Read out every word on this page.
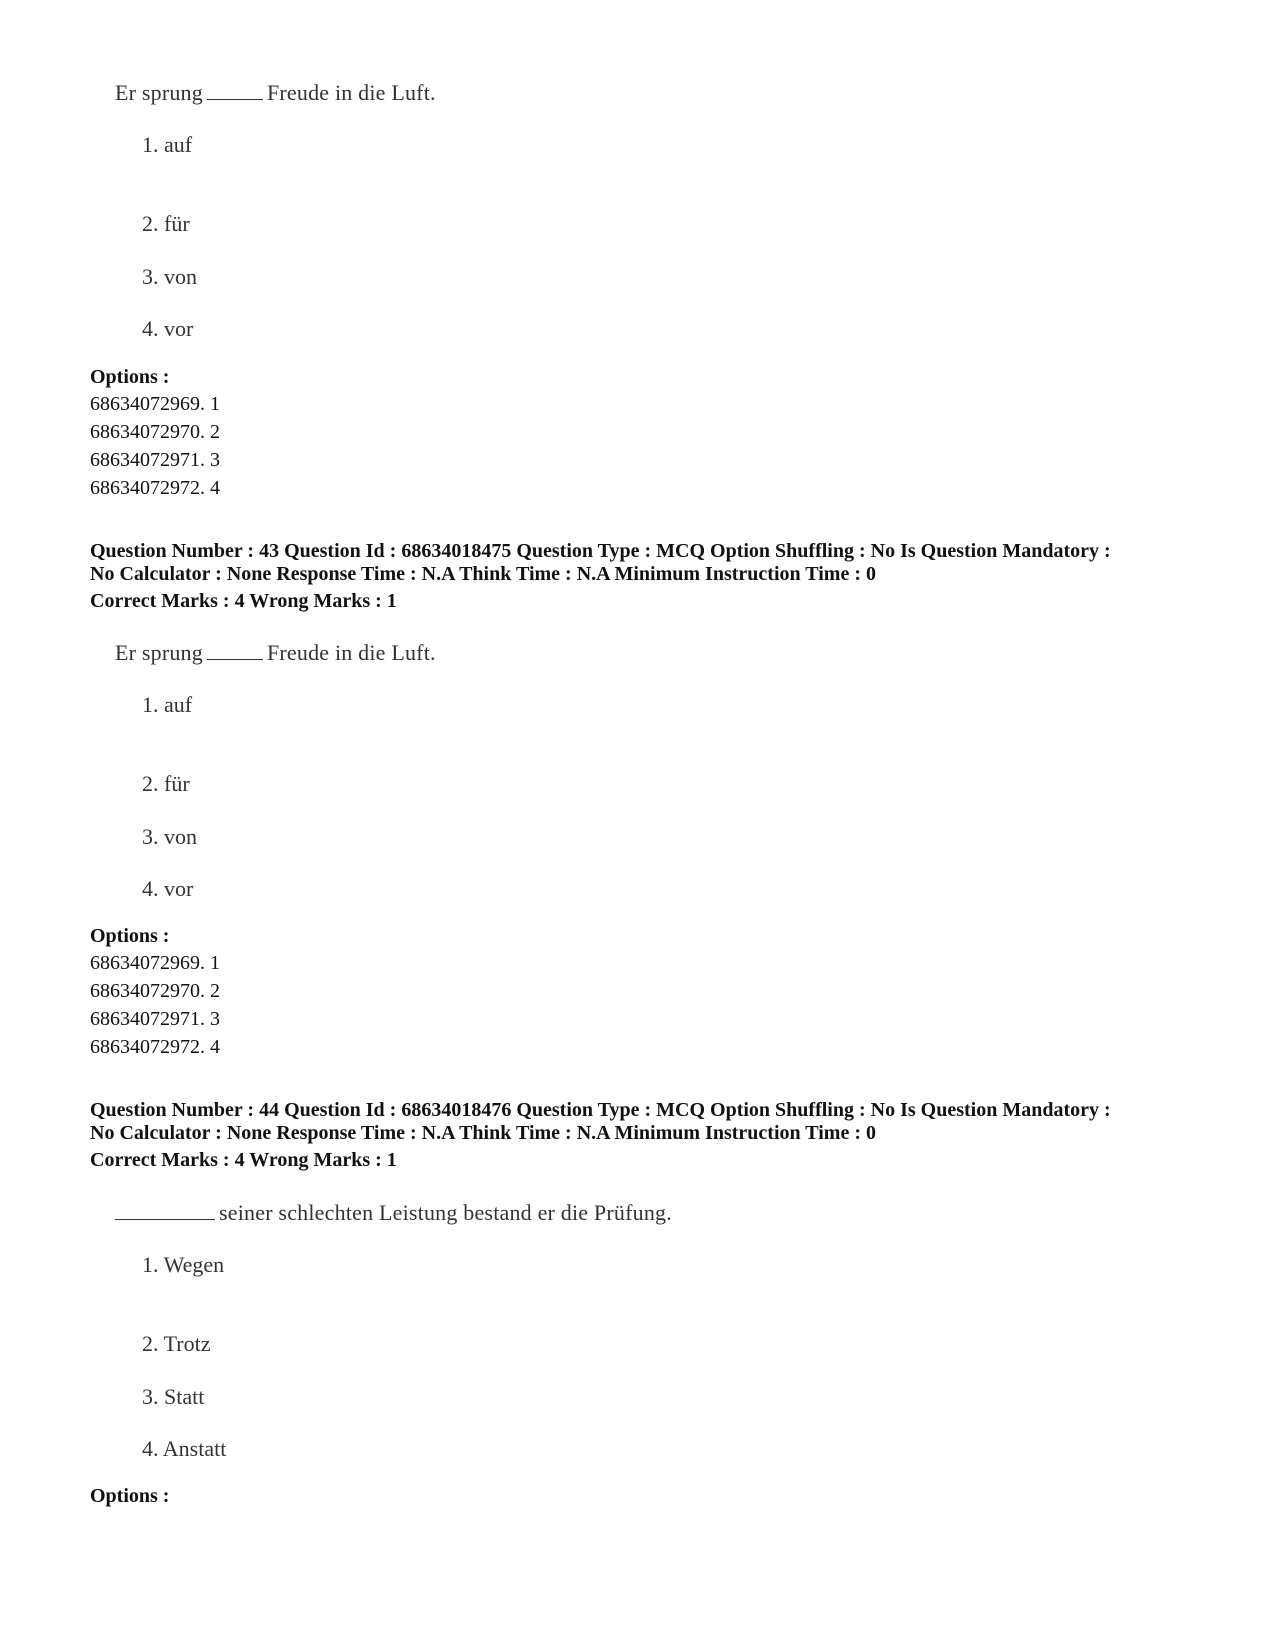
Er sprung	Freude in die Luft.
1. auf
2. für
3. von
4. vor
Options :
68634072969. 1
68634072970. 2
68634072971. 3
68634072972. 4
Question Number : 43 Question Id : 68634018475 Question Type : MCQ Option Shuffling : No Is Question Mandatory :
No Calculator : None Response Time : N.A Think Time : N.A Minimum Instruction Time : 0
Correct Marks : 4 Wrong Marks : 1
Er sprung	Freude in die Luft.
1. auf
2. für
3. von
4. vor
Options :
68634072969. 1
68634072970. 2
68634072971. 3
68634072972. 4
Question Number : 44 Question Id : 68634018476 Question Type : MCQ Option Shuffling : No Is Question Mandatory :
No Calculator : None Response Time : N.A Think Time : N.A Minimum Instruction Time : 0
Correct Marks : 4 Wrong Marks : 1
seiner schlechten Leistung bestand er die Prüfung.
1. Wegen
2. Trotz
3. Statt
4. Anstatt
Options :
